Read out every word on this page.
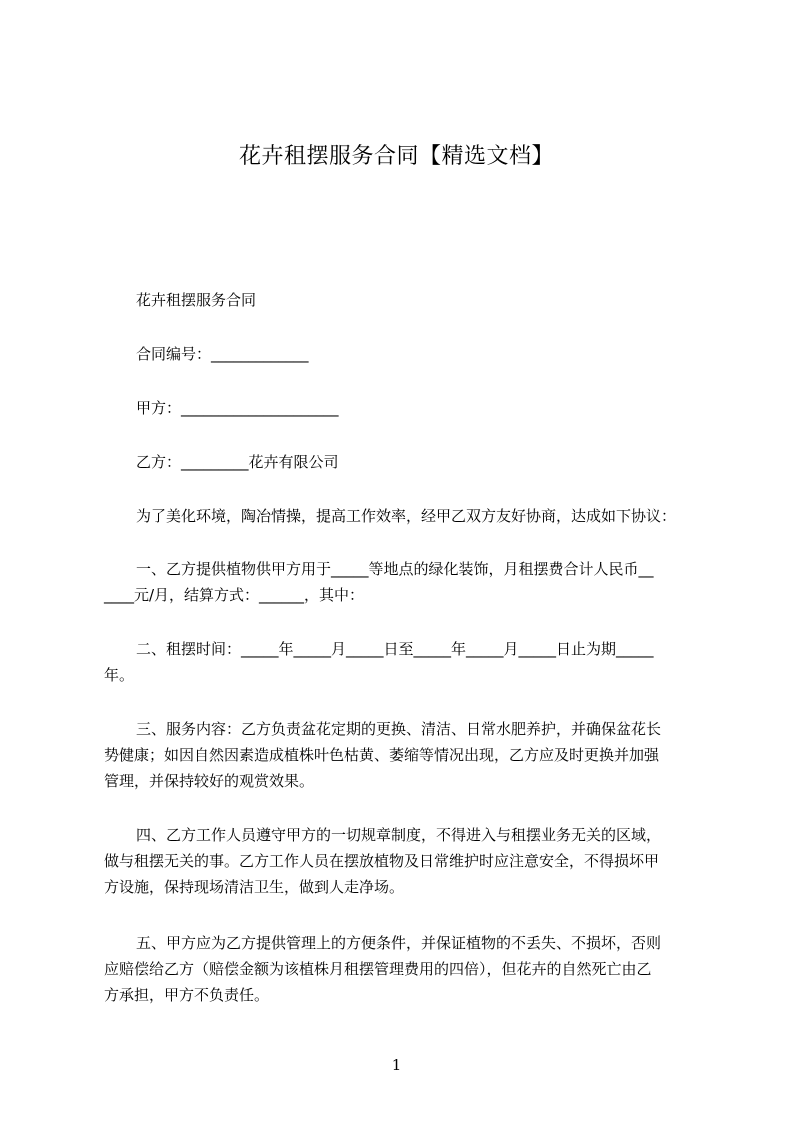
花卉租摆服务合同【精选文档】
花卉租摆服务合同
合同编号：_____________
甲方：_____________________
乙方：_________花卉有限公司
为了美化环境，陶冶情操，提高工作效率，经甲乙双方友好协商，达成如下协议：
一、乙方提供植物供甲方用于_____等地点的绿化装饰，月租摆费合计人民币__
____元/月，结算方式：______，其中：
二、租摆时间：_____年_____月_____日至_____年_____月_____日止为期_____
年。
三、服务内容：乙方负责盆花定期的更换、清洁、日常水肥养护，并确保盆花长
势健康；如因自然因素造成植株叶色枯黄、萎缩等情况出现，乙方应及时更换并加强
管理，并保持较好的观赏效果。
四、乙方工作人员遵守甲方的一切规章制度，不得进入与租摆业务无关的区域，
做与租摆无关的事。乙方工作人员在摆放植物及日常维护时应注意安全，不得损坏甲
方设施，保持现场清洁卫生，做到人走净场。
五、甲方应为乙方提供管理上的方便条件，并保证植物的不丢失、不损坏，否则
应赔偿给乙方（赔偿金额为该植株月租摆管理费用的四倍），但花卉的自然死亡由乙
方承担，甲方不负责任。
1
